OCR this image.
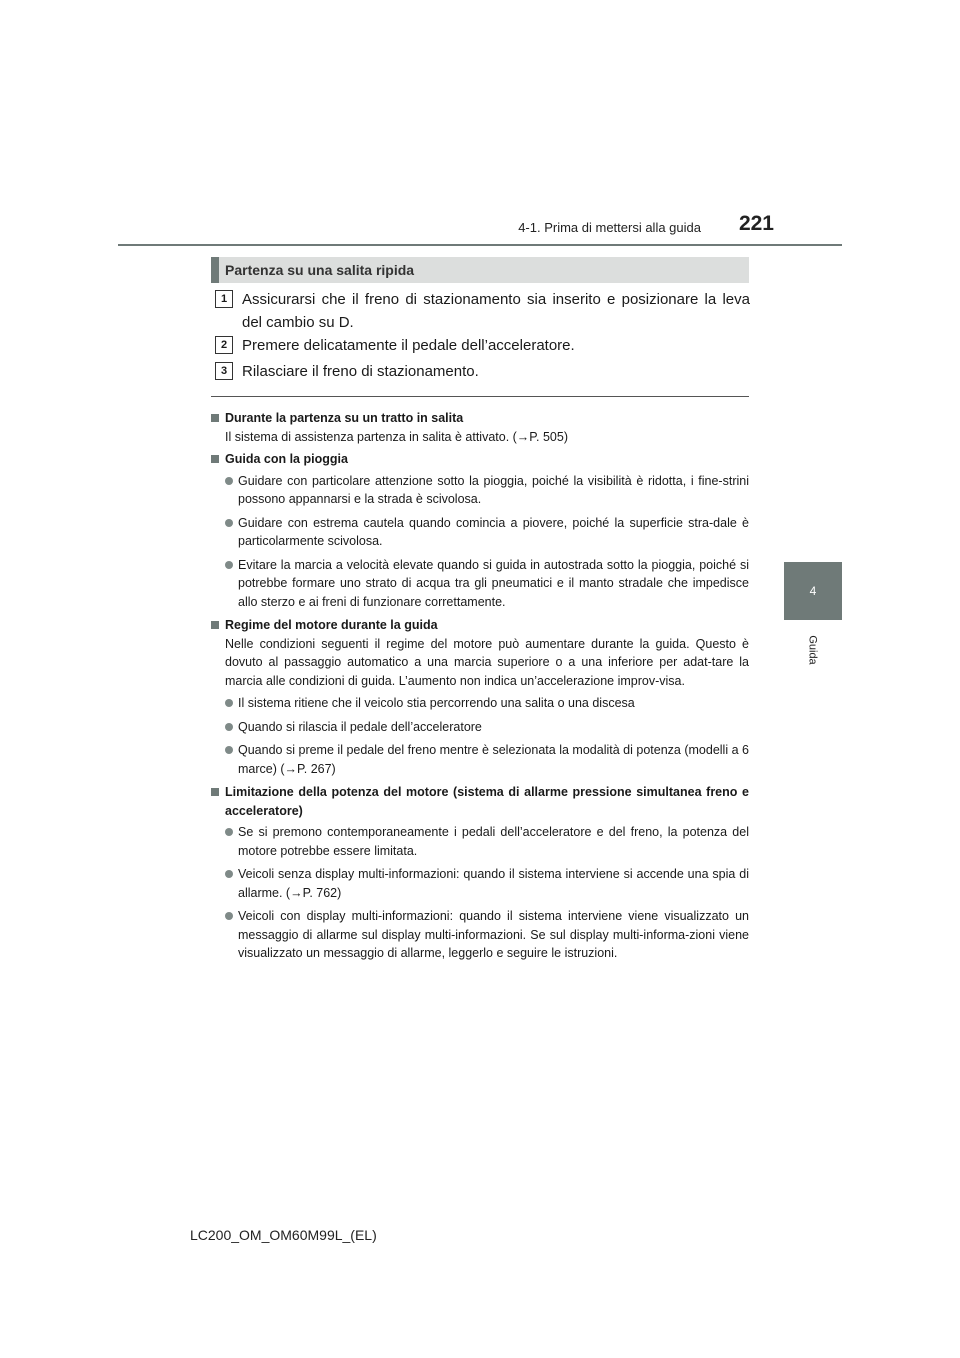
4-1. Prima di mettersi alla guida	221
4
Guida
Partenza su una salita ripida
1 Assicurarsi che il freno di stazionamento sia inserito e posizionare la leva del cambio su D.
2 Premere delicatamente il pedale dell’acceleratore.
3 Rilasciare il freno di stazionamento.
Durante la partenza su un tratto in salita
Il sistema di assistenza partenza in salita è attivato. (→P. 505)
Guida con la pioggia
Guidare con particolare attenzione sotto la pioggia, poiché la visibilità è ridotta, i fine-strini possono appannarsi e la strada è scivolosa.
Guidare con estrema cautela quando comincia a piovere, poiché la superficie stra-dale è particolarmente scivolosa.
Evitare la marcia a velocità elevate quando si guida in autostrada sotto la pioggia, poiché si potrebbe formare uno strato di acqua tra gli pneumatici e il manto stradale che impedisce allo sterzo e ai freni di funzionare correttamente.
Regime del motore durante la guida
Nelle condizioni seguenti il regime del motore può aumentare durante la guida. Questo è dovuto al passaggio automatico a una marcia superiore o a una inferiore per adat-tare la marcia alle condizioni di guida. L’aumento non indica un’accelerazione improv-visa.
Il sistema ritiene che il veicolo stia percorrendo una salita o una discesa
Quando si rilascia il pedale dell’acceleratore
Quando si preme il pedale del freno mentre è selezionata la modalità di potenza (modelli a 6 marce) (→P. 267)
Limitazione della potenza del motore (sistema di allarme pressione simultanea freno e acceleratore)
Se si premono contemporaneamente i pedali dell’acceleratore e del freno, la potenza del motore potrebbe essere limitata.
Veicoli senza display multi-informazioni: quando il sistema interviene si accende una spia di allarme. (→P. 762)
Veicoli con display multi-informazioni: quando il sistema interviene viene visualizzato un messaggio di allarme sul display multi-informazioni. Se sul display multi-informa-zioni viene visualizzato un messaggio di allarme, leggerlo e seguire le istruzioni.
LC200_OM_OM60M99L_(EL)
